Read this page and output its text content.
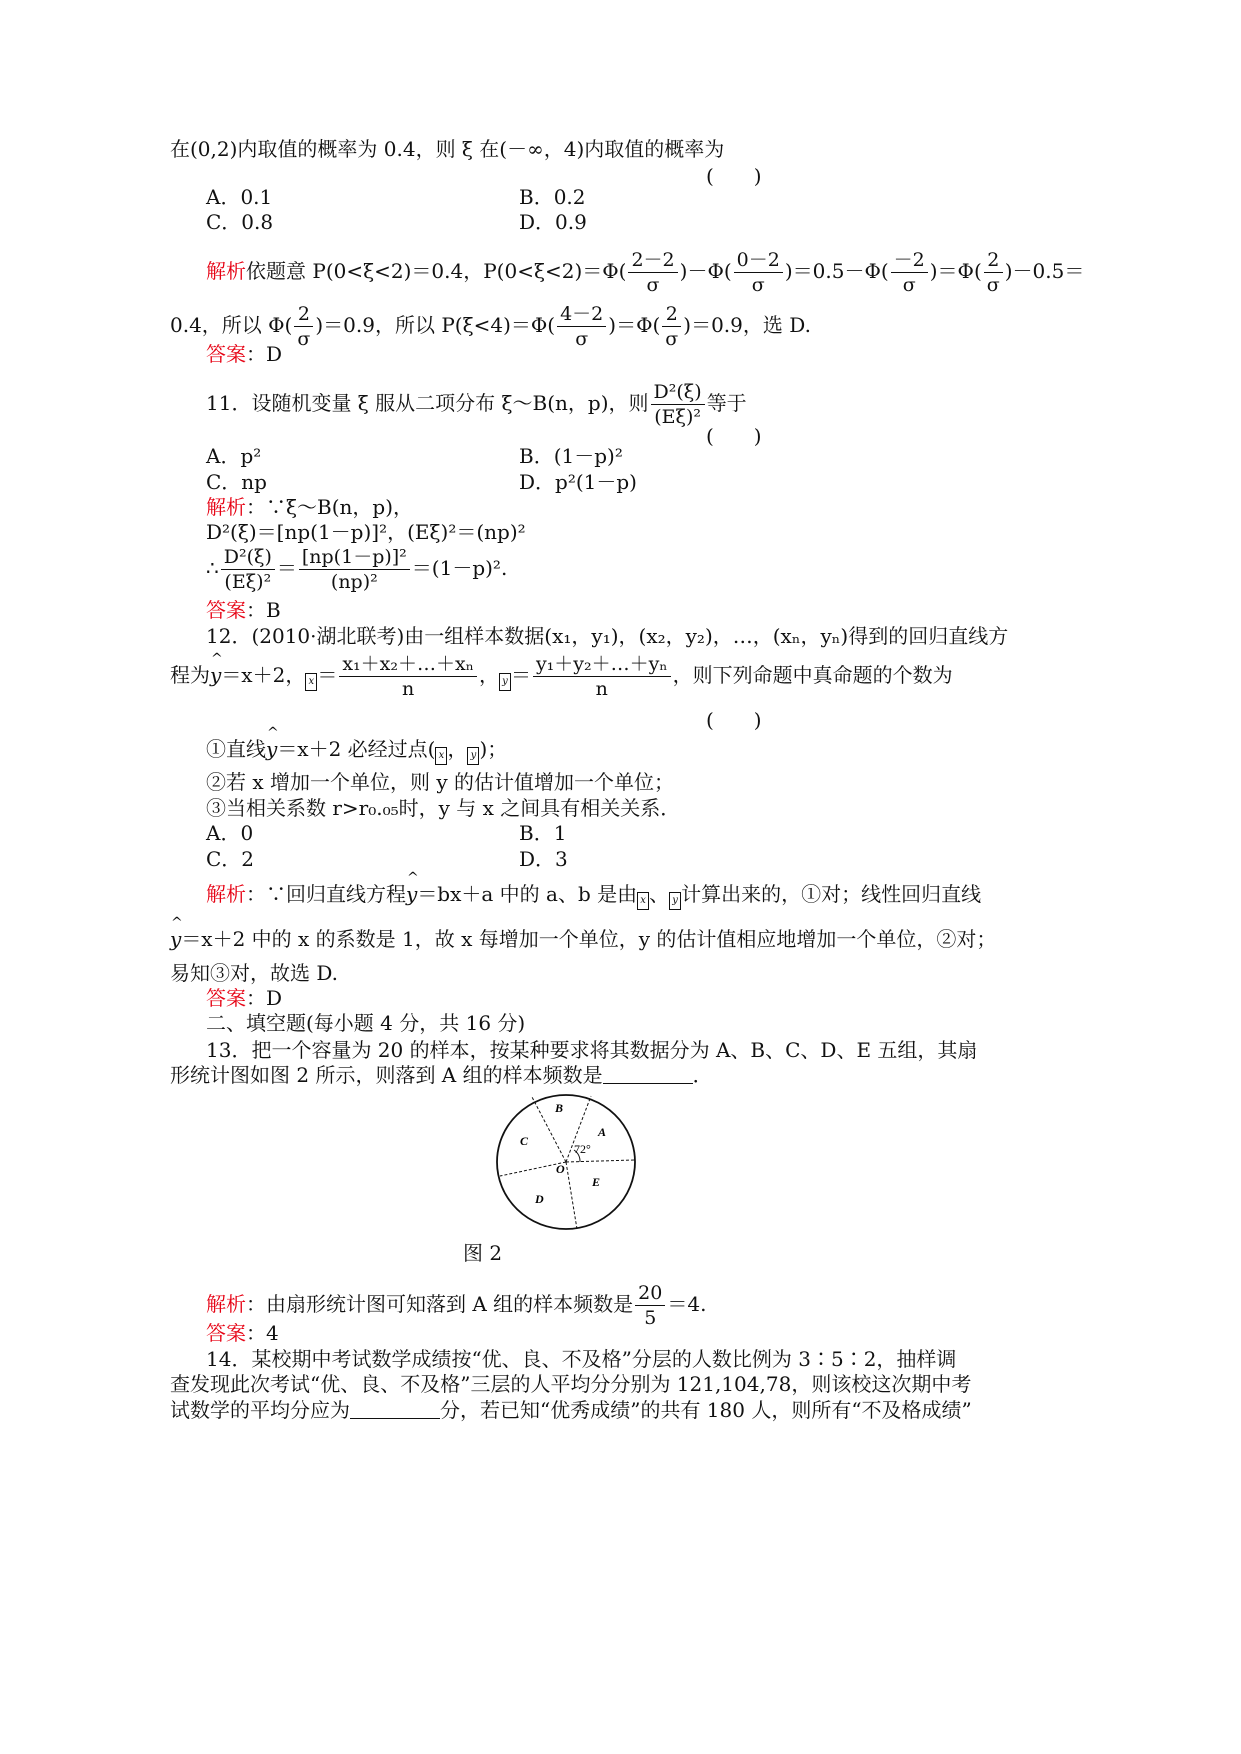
在(0,2)内取值的概率为 0.4，则 ξ 在(－∞，4)内取值的概率为
(　　)
A．0.1	B．0.2
C．0.8	D．0.9
解析依题意 P(0<ξ<2)＝0.4，$P(0<\xi<2)=\Phi( \frac{2-2}{\sigma} )-\Phi( \frac{0-2}{\sigma} )=0.5-\Phi( \frac{-2}{\sigma} )=\Phi( \frac{2}{\sigma} )-0.5=$
0.4，所以 $\Phi( \frac{2}{\sigma} )=0.9$，所以 $P(\xi<4)=\Phi( \frac{4-2}{\sigma} )=\Phi( \frac{2}{\sigma} )=0.9$，选 D.
答案：D
11．设随机变量 ξ 服从二项分布 ξ～B(n，p)，则 $\frac{\text{D²(ξ)}}{\text{(Eξ)²}}$ 等于
(　　)
A．p²	B．(1－p)²
C．np	D．p²(1－p)
解析：∵ξ～B(n，p)，
D²(ξ)＝[np(1－p)]²，(Eξ)²＝(np)²
∴ $\frac{\text{D²(ξ)}}{\text{(Eξ)²}} = \frac{\text{[np(1－p)]²}}{\text{(np)²}} =(1-p)^2$.
答案：B
12．(2010·湖北联考)由一组样本数据(x₁，y₁)，(x₂，y₂)，…，(xₙ，yₙ)得到的回归直线方
程为^ y＝x＋2， $x = \frac{\text{x₁＋x₂＋…＋xₙ}}{n}$ ， $y = \frac{\text{y₁＋y₂＋…＋yₙ}}{n}$ ，则下列命题中真命题的个数为
(　　)
①直线^ y＝x＋2 必经过点( x ， y )；
②若 x 增加一个单位，则 y 的估计值增加一个单位；
③当相关系数 r>r₀.₀₅时，y 与 x 之间具有相关关系．
A．0	B．1
C．2	D．3
解析：∵回归直线方程^ y＝bx＋a 中的 a、b 是由 x 、 y 计算出来的，①对；线性回归直线
^ y＝x＋2 中的 x 的系数是 1，故 x 每增加一个单位，y 的估计值相应地增加一个单位，②对；
易知③对，故选 D.
答案：D
二、填空题(每小题 4 分，共 16 分)
13．把一个容量为 20 的样本，按某种要求将其数据分为 A、B、C、D、E 五组，其扇
形统计图如图 2 所示，则落到 A 组的样本频数是	．
B
A
C
D
E
O
72°
图 2
解析：由扇形统计图可知落到 A 组的样本频数是 $\frac{20}{5} =4$.
答案：4
14．某校期中考试数学成绩按“优、良、不及格”分层的人数比例为 3∶5∶2，抽样调
查发现此次考试“优、良、不及格”三层的人平均分分别为 121,104,78，则该校这次期中考
试数学的平均分应为	分，若已知“优秀成绩”的共有 180 人，则所有“不及格成绩”
